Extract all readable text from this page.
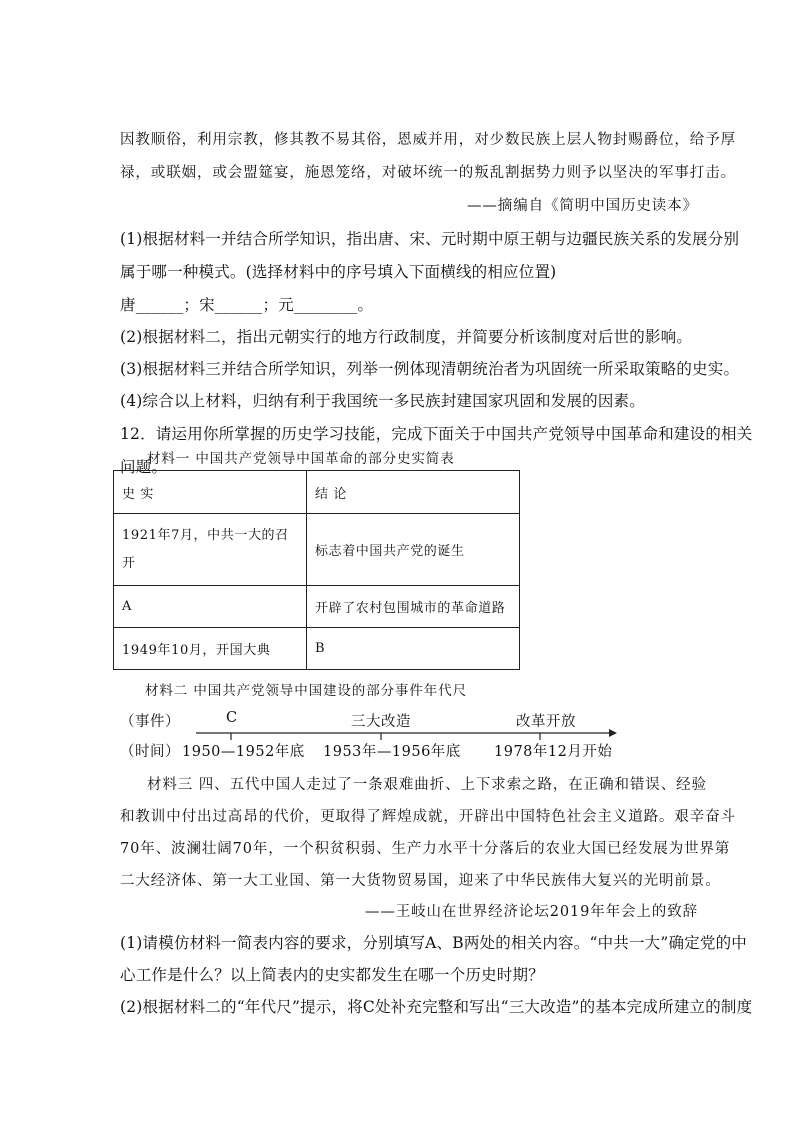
因教顺俗，利用宗教，修其教不易其俗，恩威并用，对少数民族上层人物封赐爵位，给予厚
禄，或联姻，或会盟筵宴，施恩笼络，对破坏统一的叛乱割据势力则予以坚决的军事打击。
——摘编自《简明中国历史读本》
(1)根据材料一并结合所学知识，指出唐、宋、元时期中原王朝与边疆民族关系的发展分别
属于哪一种模式。(选择材料中的序号填入下面横线的相应位置)
唐______；宋______；元________。
(2)根据材料二，指出元朝实行的地方行政制度，并简要分析该制度对后世的影响。
(3)根据材料三并结合所学知识，列举一例体现清朝统治者为巩固统一所采取策略的史实。
(4)综合以上材料，归纳有利于我国统一多民族封建国家巩固和发展的因素。
12．请运用你所掌握的历史学习技能，完成下面关于中国共产党领导中国革命和建设的相关
问题。
材料一 中国共产党领导中国革命的部分史实简表
史 实	结 论

1921年7月，中共一大的召
开	标志着中国共产党的诞生
A	开辟了农村包围城市的革命道路
1949年10月，开国大典	B
材料二 中国共产党领导中国建设的部分事件年代尺
（事件）	C	三大改造	改革开放
（时间） 1950—1952年底 1953年—1956年底 1978年12月开始
材料三 四、五代中国人走过了一条艰难曲折、上下求索之路，在正确和错误、经验
和教训中付出过高昂的代价，更取得了辉煌成就，开辟出中国特色社会主义道路。艰辛奋斗
70年、波澜壮阔70年，一个积贫积弱、生产力水平十分落后的农业大国已经发展为世界第
二大经济体、第一大工业国、第一大货物贸易国，迎来了中华民族伟大复兴的光明前景。
——王岐山在世界经济论坛2019年年会上的致辞
(1)请模仿材料一简表内容的要求，分别填写A、B两处的相关内容。“中共一大”确定党的中
心工作是什么？以上简表内的史实都发生在哪一个历史时期？
(2)根据材料二的“年代尺”提示，将C处补充完整和写出“三大改造”的基本完成所建立的制度
